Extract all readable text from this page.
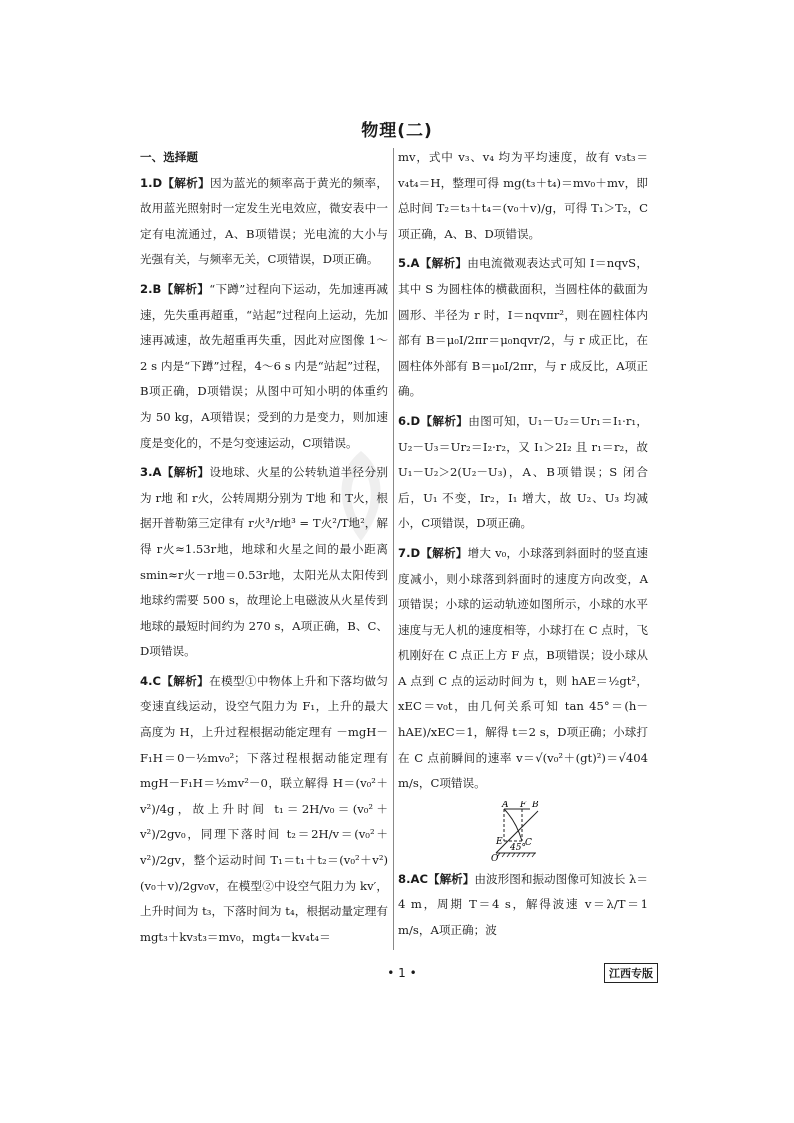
物理(二)
一、选择题

1.D【解析】因为蓝光的频率高于黄光的频率，故用蓝光照射时一定发生光电效应，微安表中一定有电流通过，A、B项错误；光电流的大小与光强有关，与频率无关，C项错误，D项正确。

2.B【解析】“下蹲”过程向下运动，先加速再减速，先失重再超重，“站起”过程向上运动，先加速再减速，故先超重再失重，因此对应图像 1～2 s 内是“下蹲”过程，4～6 s 内是“站起”过程，B项正确，D项错误；从图中可知小明的体重约为 50 kg，A项错误；受到的力是变力，则加速度是变化的，不是匀变速运动，C项错误。

3.A【解析】设地球、火星的公转轨道半径分别为 r地 和 r火，公转周期分别为 T地 和 T火，根据开普勒第三定律有 r火³/r地³ = T火²/T地²，解得 r火≈1.53r地，地球和火星之间的最小距离 smin≈r火－r地＝0.53r地，太阳光从太阳传到地球约需要 500 s，故理论上电磁波从火星传到地球的最短时间约为 270 s，A项正确，B、C、D项错误。

4.C【解析】在模型①中物体上升和下落均做匀变速直线运动，设空气阻力为 F₁，上升的最大高度为 H，上升过程根据动能定理有 －mgH－F₁H＝0－½mv₀²；下落过程根据动能定理有 mgH－F₁H＝½mv²－0，联立解得 H＝(v₀²＋v²)/4g，故上升时间 t₁＝2H/v₀＝(v₀²＋v²)/2gv₀，同理下落时间 t₂＝2H/v＝(v₀²＋v²)/2gv，整个运动时间 T₁＝t₁＋t₂＝(v₀²＋v²)(v₀＋v)/2gv₀v，在模型②中设空气阻力为 kv′，上升时间为 t₃，下落时间为 t₄，根据动量定理有 mgt₃＋kv₃t₃＝mv₀，mgt₄－kv₄t₄＝

mv，式中 v₃、v₄ 均为平均速度，故有 v₃t₃＝v₄t₄＝H，整理可得 mg(t₃＋t₄)＝mv₀＋mv，即总时间 T₂＝t₃＋t₄＝(v₀＋v)/g，可得 T₁＞T₂，C项正确，A、B、D项错误。

5.A【解析】由电流微观表达式可知 I＝nqvS，其中 S 为圆柱体的横截面积，当圆柱体的截面为圆形、半径为 r 时，I＝nqvπr²，则在圆柱体内部有 B＝μ₀I/2πr＝μ₀nqvr/2，与 r 成正比，在圆柱体外部有 B＝μ₀I/2πr，与 r 成反比，A项正确。

6.D【解析】由图可知，U₁－U₂＝Ur₁＝I₁·r₁，U₂－U₃＝Ur₂＝I₂·r₂，又 I₁＞2I₂ 且 r₁＝r₂，故 U₁－U₂＞2(U₂－U₃)，A、B项错误；S 闭合后，U₁ 不变，Ir₂，I₁ 增大，故 U₂、U₃ 均减小，C项错误，D项正确。

7.D【解析】增大 v₀，小球落到斜面时的竖直速度减小，则小球落到斜面时的速度方向改变，A项错误；小球的运动轨迹如图所示，小球的水平速度与无人机的速度相等，小球打在 C 点时，飞机刚好在 C 点正上方 F 点，B项错误；设小球从 A 点到 C 点的运动时间为 t，则 hAE＝½gt²，xEC＝v₀t，由几何关系可知 tan 45°＝(h－hAE)/xEC＝1，解得 t＝2 s，D项正确；小球打在 C 点前瞬间的速率 v＝√(v₀²＋(gt)²)＝√404 m/s，C项错误。

A F B
E C
O
45°

8.AC【解析】由波形图和振动图像可知波长 λ＝4 m，周期 T＝4 s，解得波速 v＝λ/T＝1 m/s，A项正确；波

• 1 •	江西专版
